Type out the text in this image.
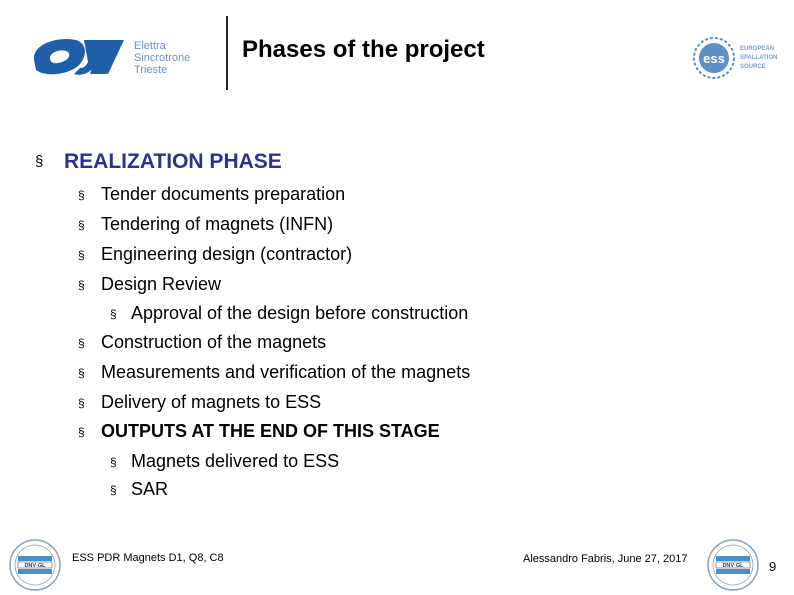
Elettra
Sincrotrone
Trieste
Phases of the project	ess
EUROPEAN
SPALLATION
SOURCE
§ REALIZATION PHASE
§ Tender documents preparation
§ Tendering of magnets (INFN)
§ Engineering design (contractor)
§ Design Review
§ Approval of the design before construction
§ Construction of the magnets
§ Measurements and verification of the magnets
§ Delivery of magnets to ESS
§ OUTPUTS AT THE END OF THIS STAGE
§ Magnets delivered to ESS
§ SAR
DNV·GL
ESS PDR Magnets D1, Q8, C8	Alessandro Fabris, June 27, 2017
DNV·GL 9
